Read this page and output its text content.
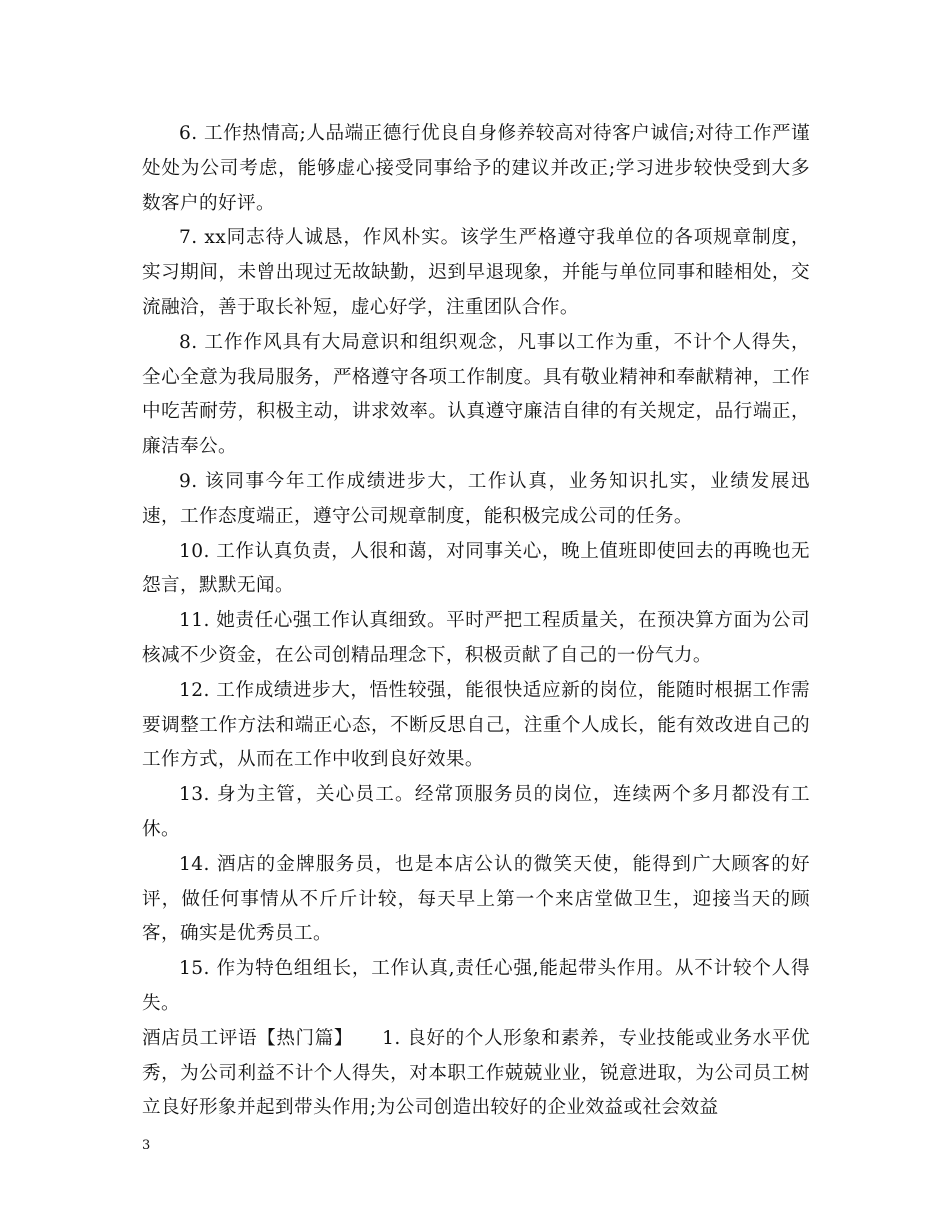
6. 工作热情高;人品端正德行优良自身修养较高对待客户诚信;对待工作严谨处处为公司考虑，能够虚心接受同事给予的建议并改正;学习进步较快受到大多数客户的好评。

7. xx同志待人诚恳，作风朴实。该学生严格遵守我单位的各项规章制度，实习期间，未曾出现过无故缺勤，迟到早退现象，并能与单位同事和睦相处，交流融洽，善于取长补短，虚心好学，注重团队合作。

8. 工作作风具有大局意识和组织观念，凡事以工作为重，不计个人得失，全心全意为我局服务，严格遵守各项工作制度。具有敬业精神和奉献精神，工作中吃苦耐劳，积极主动，讲求效率。认真遵守廉洁自律的有关规定，品行端正，廉洁奉公。

9. 该同事今年工作成绩进步大，工作认真，业务知识扎实，业绩发展迅速，工作态度端正，遵守公司规章制度，能积极完成公司的任务。

10. 工作认真负责，人很和蔼，对同事关心，晚上值班即使回去的再晚也无怨言，默默无闻。

11. 她责任心强工作认真细致。平时严把工程质量关，在预决算方面为公司核减不少资金，在公司创精品理念下，积极贡献了自己的一份气力。

12. 工作成绩进步大，悟性较强，能很快适应新的岗位，能随时根据工作需要调整工作方法和端正心态，不断反思自己，注重个人成长，能有效改进自己的工作方式，从而在工作中收到良好效果。

13. 身为主管，关心员工。经常顶服务员的岗位，连续两个多月都没有工休。

14. 酒店的金牌服务员，也是本店公认的微笑天使，能得到广大顾客的好评，做任何事情从不斤斤计较，每天早上第一个来店堂做卫生，迎接当天的顾客，确实是优秀员工。

15. 作为特色组组长，工作认真,责任心强,能起带头作用。从不计较个人得失。

酒店员工评语【热门篇】　　1. 良好的个人形象和素养，专业技能或业务水平优秀，为公司利益不计个人得失，对本职工作兢兢业业，锐意进取，为公司员工树立良好形象并起到带头作用;为公司创造出较好的企业效益或社会效益

3
